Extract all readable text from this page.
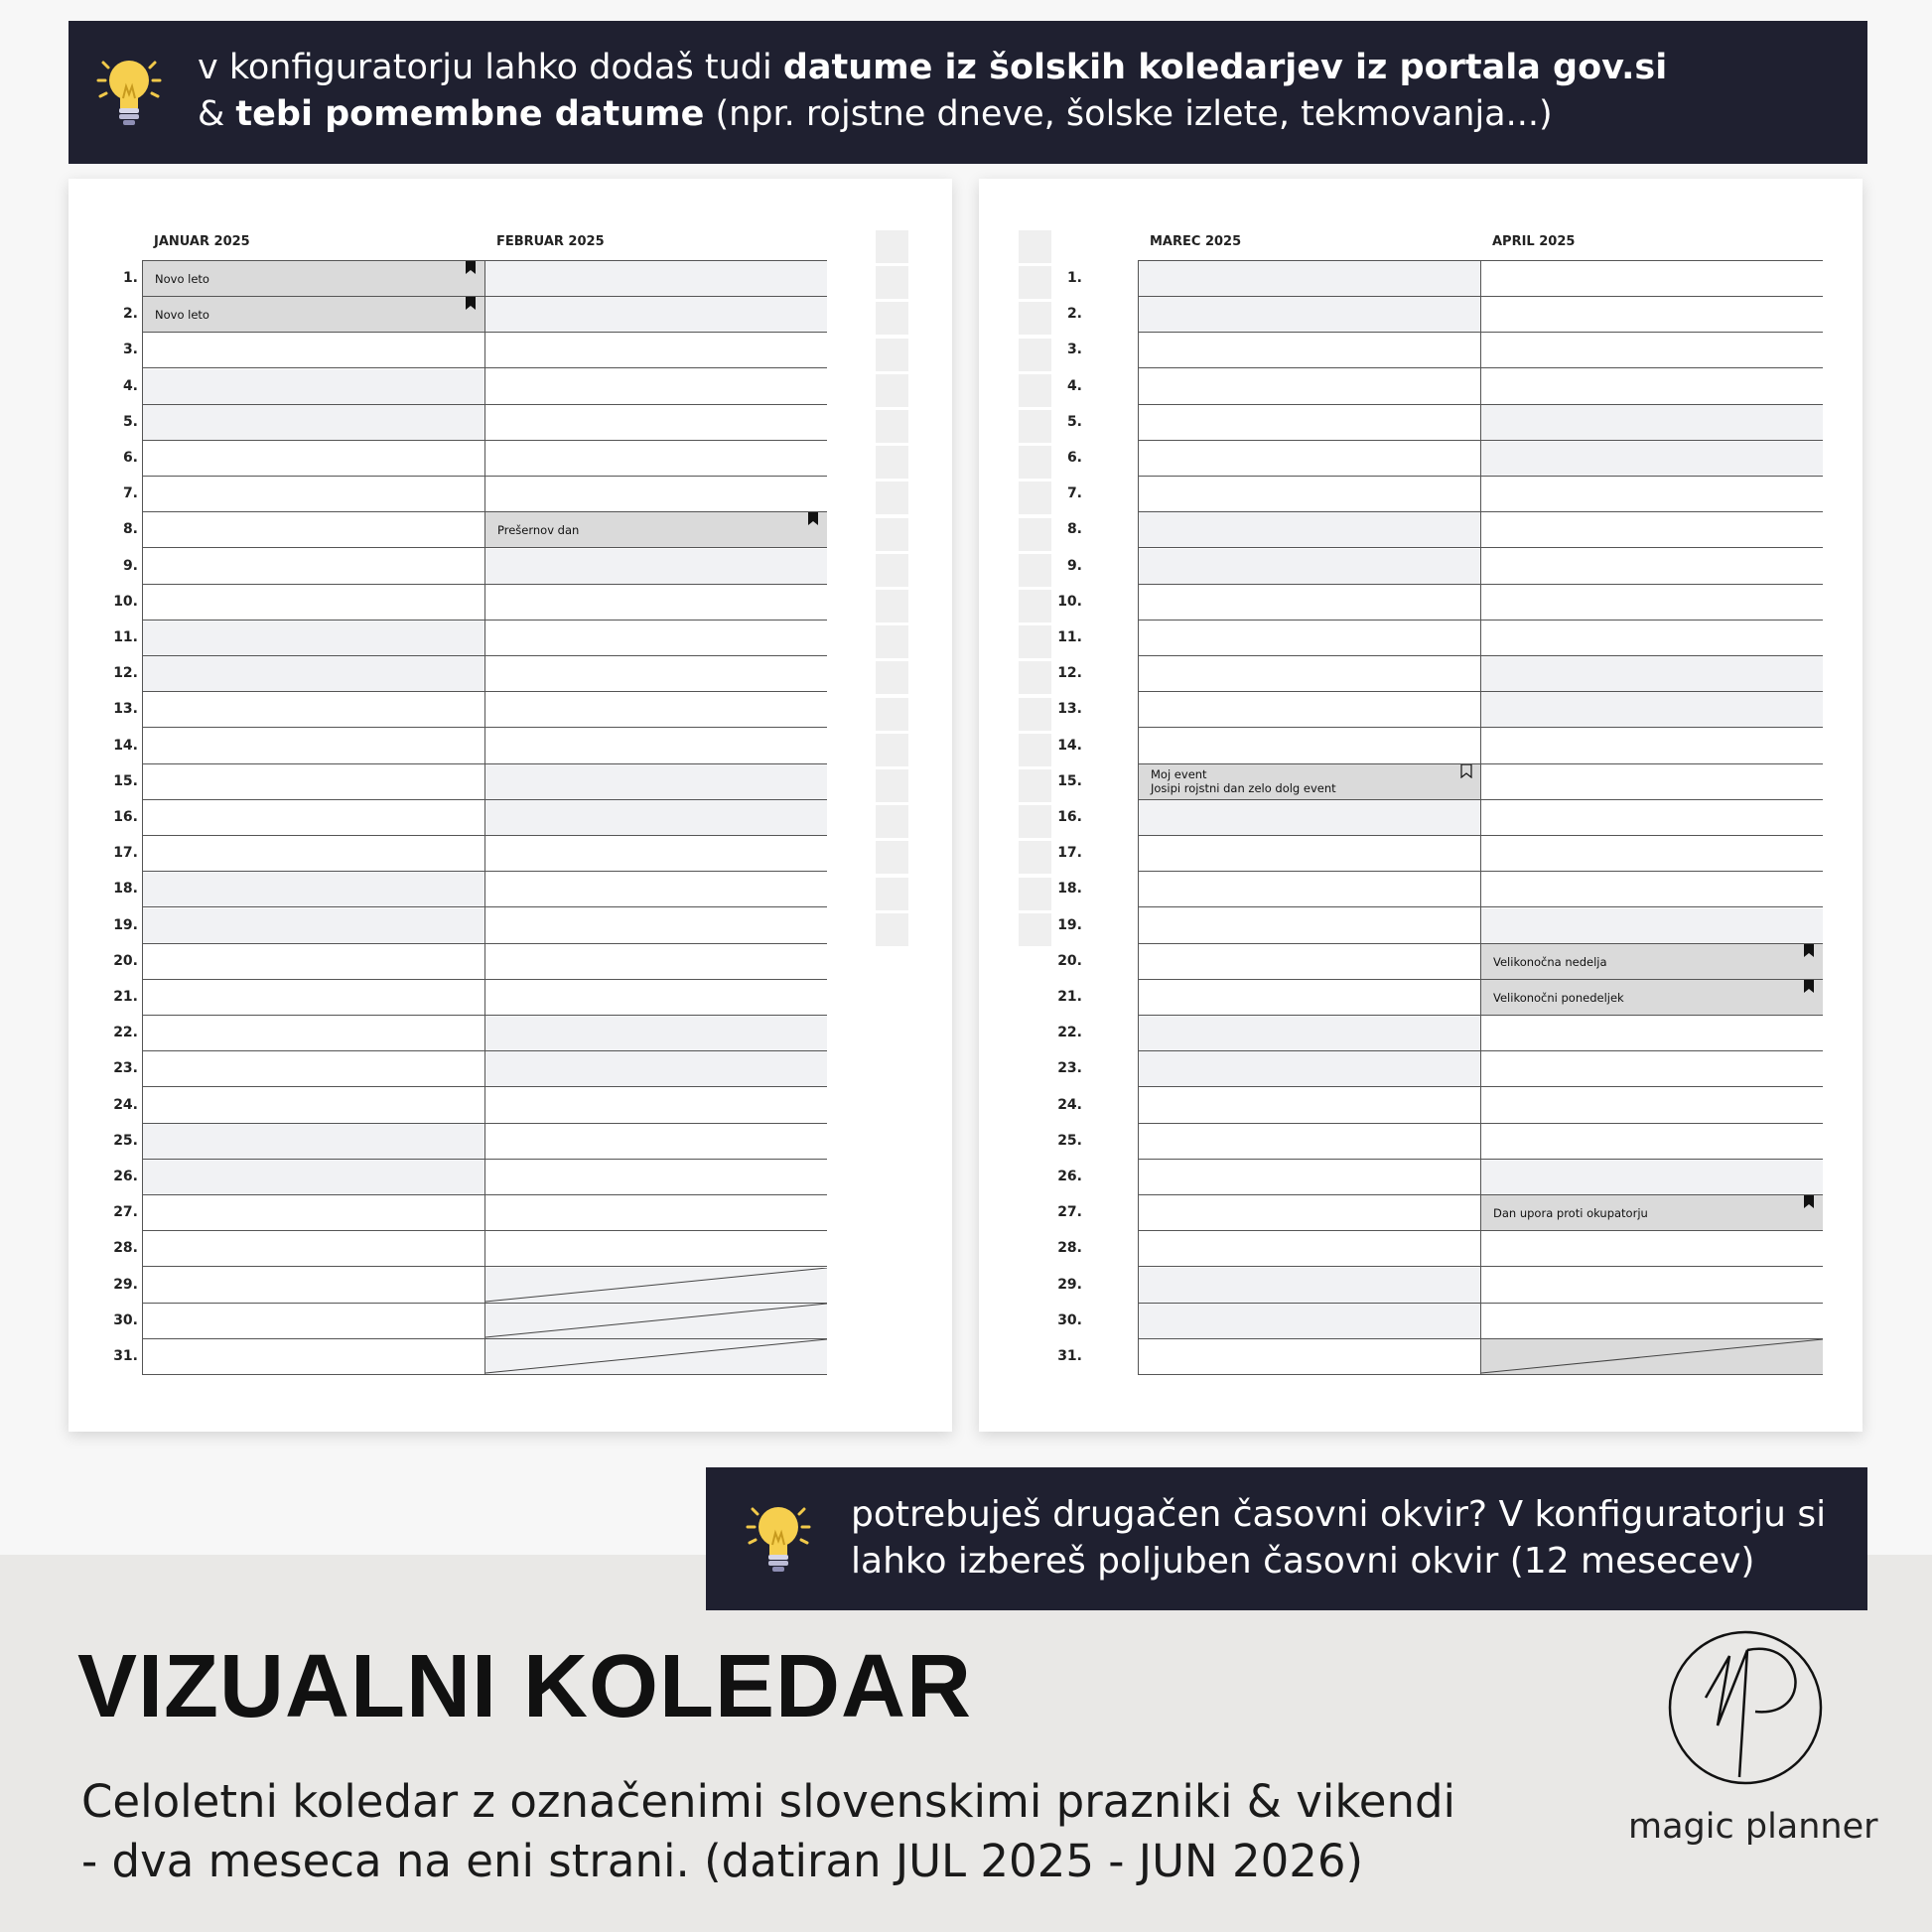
v konfiguratorju lahko dodaš tudi datume iz šolskih koledarjev iz portala gov.si
& tebi pomembne datume (npr. rojstne dneve, šolske izlete, tekmovanja...)
1.
2.
3.
4.
5.
6.
7.
8.
9.
10.
11.
12.
13.
14.
15.
16.
17.
18.
19.
20.
21.
22.
23.
24.
25.
26.
27.
28.
29.
30.
31.
JANUAR 2025
Novo leto
Novo leto
FEBRUAR 2025
Prešernov dan
1.
2.
3.
4.
5.
6.
7.
8.
9.
10.
11.
12.
13.
14.
15.
16.
17.
18.
19.
20.
21.
22.
23.
24.
25.
26.
27.
28.
29.
30.
31.
MAREC 2025
Moj event
Josipi rojstni dan zelo dolg event
APRIL 2025
Velikonočna nedelja
Velikonočni ponedeljek
Dan upora proti okupatorju
potrebuješ drugačen časovni okvir? V konfiguratorju si
lahko izbereš poljuben časovni okvir (12 mesecev)
VIZUALNI KOLEDAR
Celoletni koledar z označenimi slovenskimi prazniki & vikendi
- dva meseca na eni strani. (datiran JUL 2025 - JUN 2026)
magic planner
